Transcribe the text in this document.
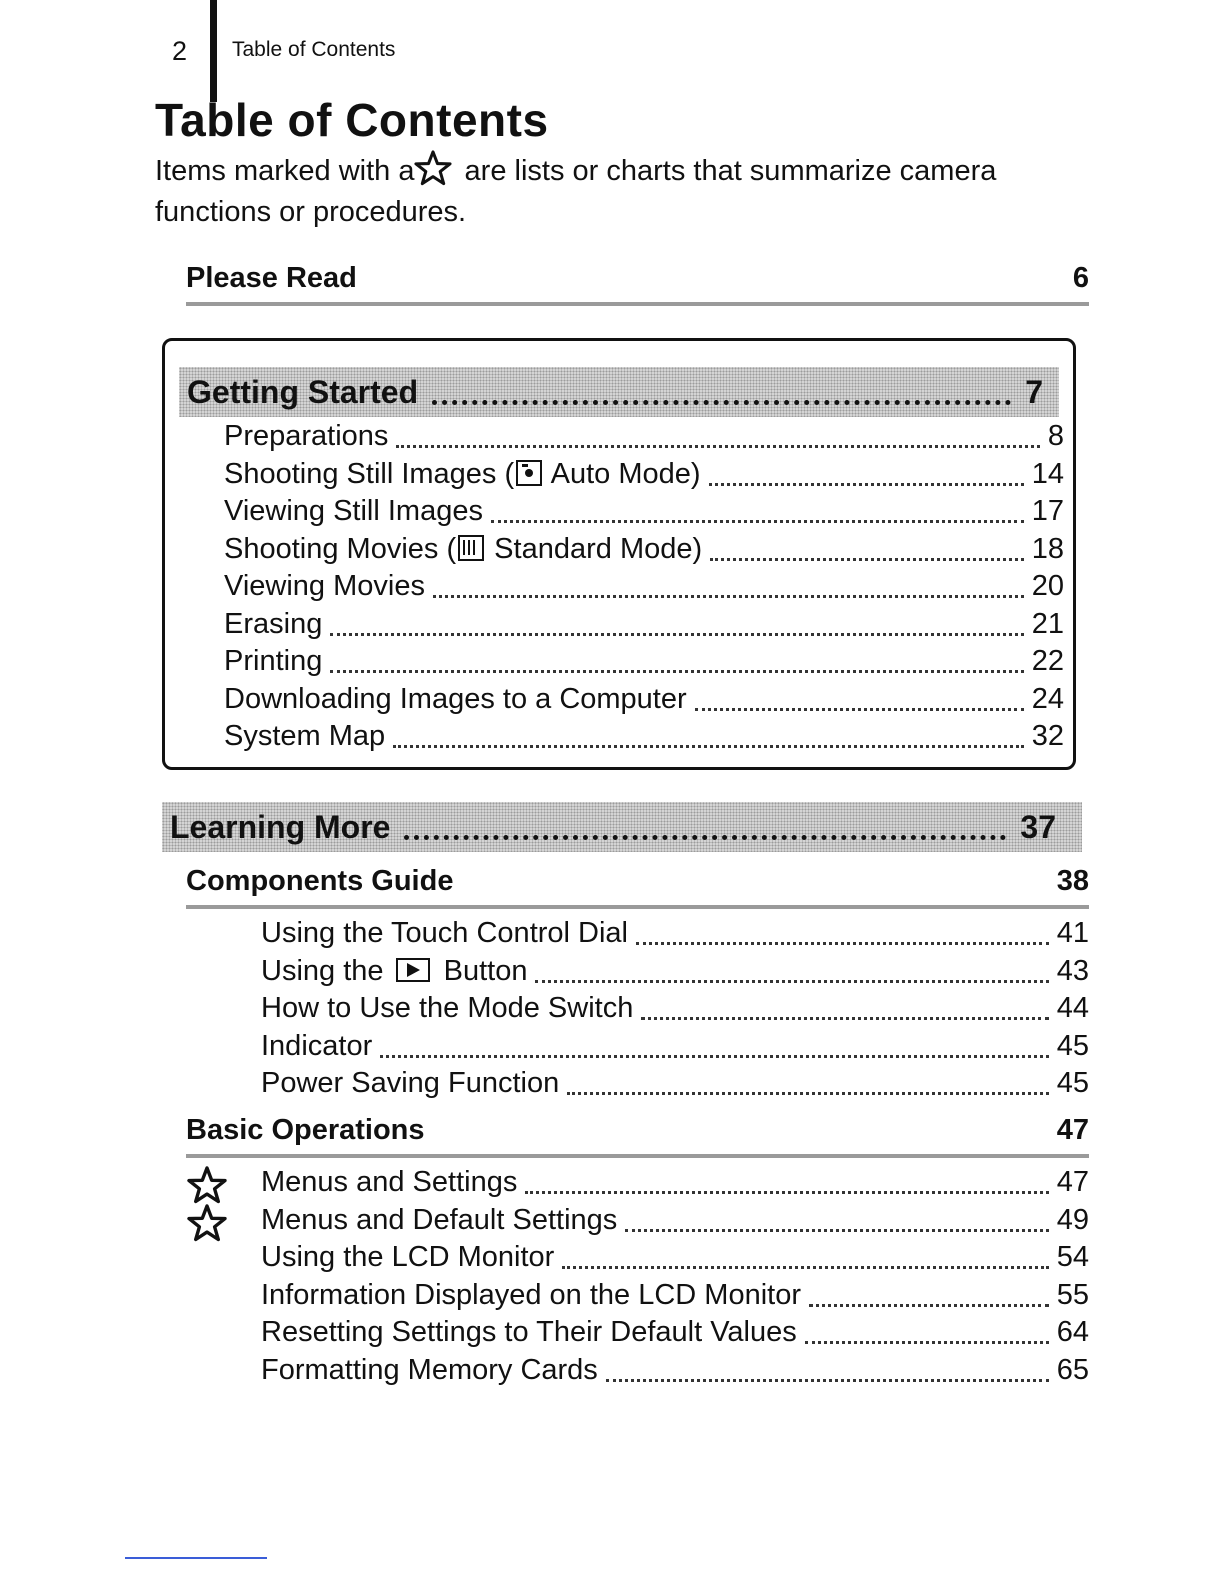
2 Table of Contents
Table of Contents
Items marked with a are lists or charts that summarize camera functions or procedures.
Please Read	6
Getting Started	7
Preparations	8
Shooting Still Images ( Auto Mode)	14
Viewing Still Images	17
Shooting Movies ( Standard Mode)	18
Viewing Movies	20
Erasing	21
Printing	22
Downloading Images to a Computer	24
System Map	32
Learning More	37
Components Guide	38
Using the Touch Control Dial	41
Using the  Button	43
How to Use the Mode Switch	44
Indicator	45
Power Saving Function	45
Basic Operations	47
Menus and Settings	47
Menus and Default Settings	49
Using the LCD Monitor	54
Information Displayed on the LCD Monitor	55
Resetting Settings to Their Default Values	64
Formatting Memory Cards	65
